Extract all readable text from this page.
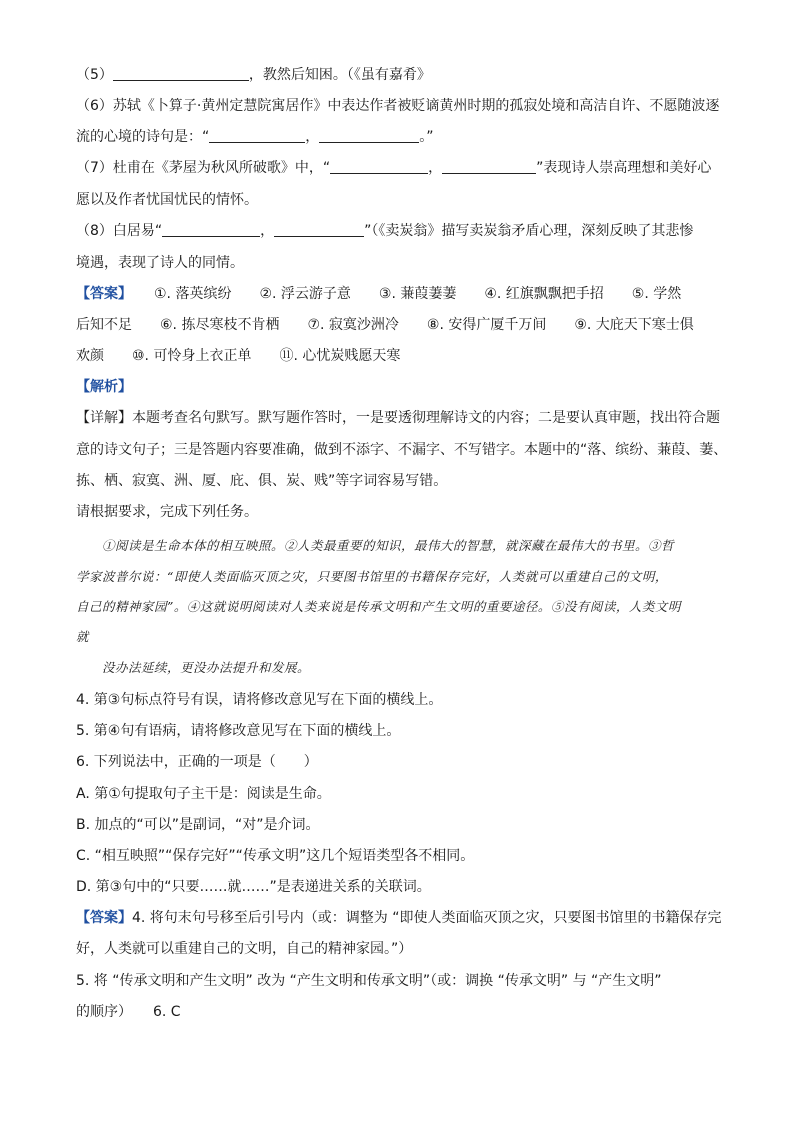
（5）	，教然后知困。（《虽有嘉肴》
（6）苏轼《卜算子·黄州定慧院寓居作》中表达作者被贬谪黄州时期的孤寂处境和高洁自许、不愿随波逐
流的心境的诗句是：“	，	。”
（7）杜甫在《茅屋为秋风所破歌》中，“	，	”表现诗人崇高理想和美好心
愿以及作者忧国忧民的情怀。
（8）白居易“	，	”（《卖炭翁》描写卖炭翁矛盾心理，深刻反映了其悲惨
境遇，表现了诗人的同情。
【答案】 ①. 落英缤纷　　②. 浮云游子意　　③. 蒹葭萋萋　　④. 红旗飘飘把手招　　⑤. 学然
后知不足　　⑥. 拣尽寒枝不肯栖　　⑦. 寂寞沙洲冷　　⑧. 安得广厦千万间　　⑨. 大庇天下寒士俱
欢颜　　⑩. 可怜身上衣正单　　⑪. 心忧炭贱愿天寒
【解析】
【详解】本题考查名句默写。默写题作答时，一是要透彻理解诗文的内容；二是要认真审题，找出符合题
意的诗文句子；三是答题内容要准确，做到不添字、不漏字、不写错字。本题中的“落、缤纷、蒹葭、萋、
拣、栖、寂寞、洲、厦、庇、俱、炭、贱”等字词容易写错。
请根据要求，完成下列任务。
①阅读是生命本体的相互映照。②人类最重要的知识，最伟大的智慧，就深藏在最伟大的书里。③哲
学家波普尔说：“即使人类面临灭顶之灾，只要图书馆里的书籍保存完好，人类就可以重建自己的文明，
自己的精神家园”。④这就说明阅读对人类来说是传承文明和产生文明的重要途径。⑤没有阅读，人类文明
就
没办法延续，更没办法提升和发展。
4. 第③句标点符号有误，请将修改意见写在下面的横线上。
5. 第④句有语病，请将修改意见写在下面的横线上。
6. 下列说法中，正确的一项是（　　）
A. 第①句提取句子主干是：阅读是生命。
B. 加点的“可以”是副词，“对”是介词。
C. “相互映照”“保存完好”“传承文明”这几个短语类型各不相同。
D. 第③句中的“只要……就……”是表递进关系的关联词。
【答案】4. 将句末句号移至后引号内（或：调整为 “即使人类面临灭顶之灾，只要图书馆里的书籍保存完
好，人类就可以重建自己的文明，自己的精神家园。”）
5. 将 “传承文明和产生文明” 改为 “产生文明和传承文明”（或：调换 “传承文明” 与 “产生文明”
的顺序）　　6. C
